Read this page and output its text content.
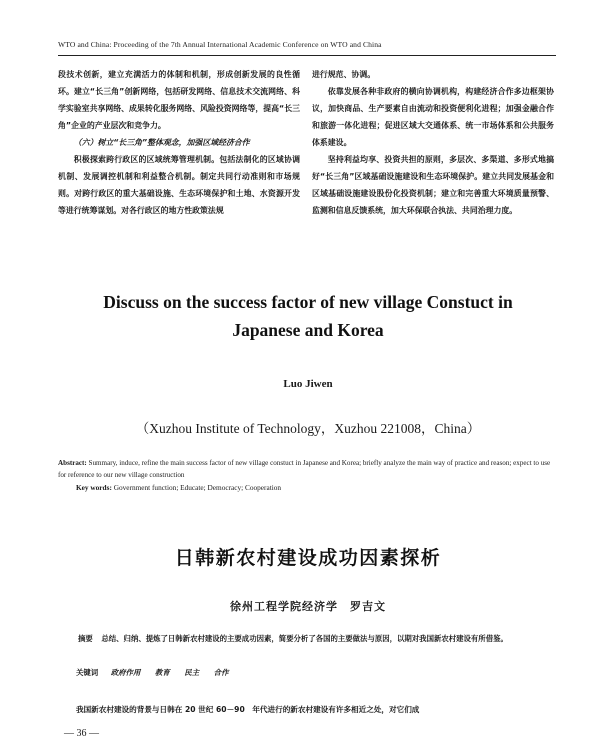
WTO and China: Proceeding of the 7th Annual International Academic Conference on WTO and China

段技术创新，建立充满活力的体制和机制，形成创新发展的良性循环。建立“长三角”创新网络，包括研发网络、信息技术交流网络、科学实验室共享网络、成果转化服务网络、风险投资网络等，提高“长三角”企业的产业层次和竞争力。

（六）树立“长三角”整体观念，加强区域经济合作

积极探索跨行政区的区域统筹管理机制。包括法制化的区域协调机制、发展调控机制和利益整合机制。制定共同行动准则和市场规则。对跨行政区的重大基础设施、生态环境保护和土地、水资源开发等进行统筹谋划。对各行政区的地方性政策法规

进行规范、协调。

依靠发展各种非政府的横向协调机构，构建经济合作多边框架协议，加快商品、生产要素自由流动和投资便利化进程；加强金融合作和旅游一体化进程；促进区域大交通体系、统一市场体系和公共服务体系建设。

坚持利益均享、投资共担的原则，多层次、多渠道、多形式地搞好“长三角”区域基础设施建设和生态环境保护。建立共同发展基金和区域基础设施建设股份化投资机制；建立和完善重大环境质量预警、监测和信息反馈系统，加大环保联合执法、共同治理力度。

Discuss on the success factor of new village Constuct in
Japanese and Korea
Luo Jiwen
（Xuzhou Institute of Technology，Xuzhou 221008，China）
Abstract: Summary, induce, refine the main success factor of new village constuct in Japanese and Korea; briefly analyze the main way of practice and reason; expect to use for reference to our new village construction
Key words: Government function; Educate; Democracy; Cooperation
日韩新农村建设成功因素探析
徐州工程学院经济学　罗吉文
摘要 总结、归纳、提炼了日韩新农村建设的主要成功因素，简要分析了各国的主要做法与原因，以期对我国新农村建设有所借鉴。
关键词 政府作用 教育 民主 合作
我国新农村建设的背景与日韩在 20 世纪 60－90　年代进行的新农村建设有许多相近之处，对它们成
— 36 —
